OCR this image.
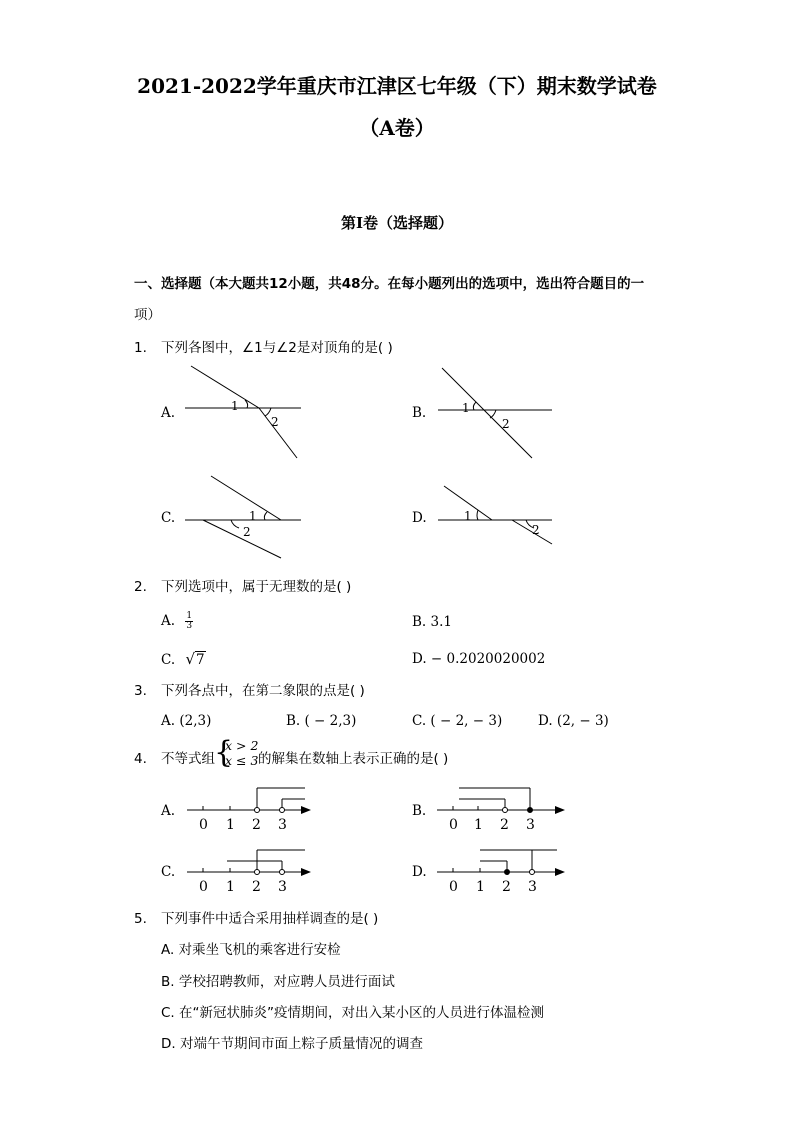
2021-2022学年重庆市江津区七年级（下）期末数学试卷
（A卷）
第I卷（选择题）
一、选择题（本大题共12小题，共48分。在每小题列出的选项中，选出符合题目的一
项）
1. 下列各图中，∠1与∠2是对顶角的是( )
A.	1
2
B.	1
2
C.	1
2
D.	1
2
2. 下列选项中，属于无理数的是( )
A. $\frac{1}{3}$	B. 3.1
C. √7	D. − 0.2020020002
3. 下列各点中，在第二象限的点是( )
A. (2,3)	B. ( − 2,3)	C. ( − 2, − 3)	D. (2, − 3)
4. 不等式组 {
x > 2
x ≤ 3 的解集在数轴上表示正确的是( )
A.
0 1 2 3
B.
0 1 2 3
C.
0 1 2 3
D.
0 1 2 3
5. 下列事件中适合采用抽样调查的是( )
A. 对乘坐飞机的乘客进行安检
B. 学校招聘教师，对应聘人员进行面试
C. 在“新冠状肺炎”疫情期间，对出入某小区的人员进行体温检测
D. 对端午节期间市面上粽子质量情况的调查
